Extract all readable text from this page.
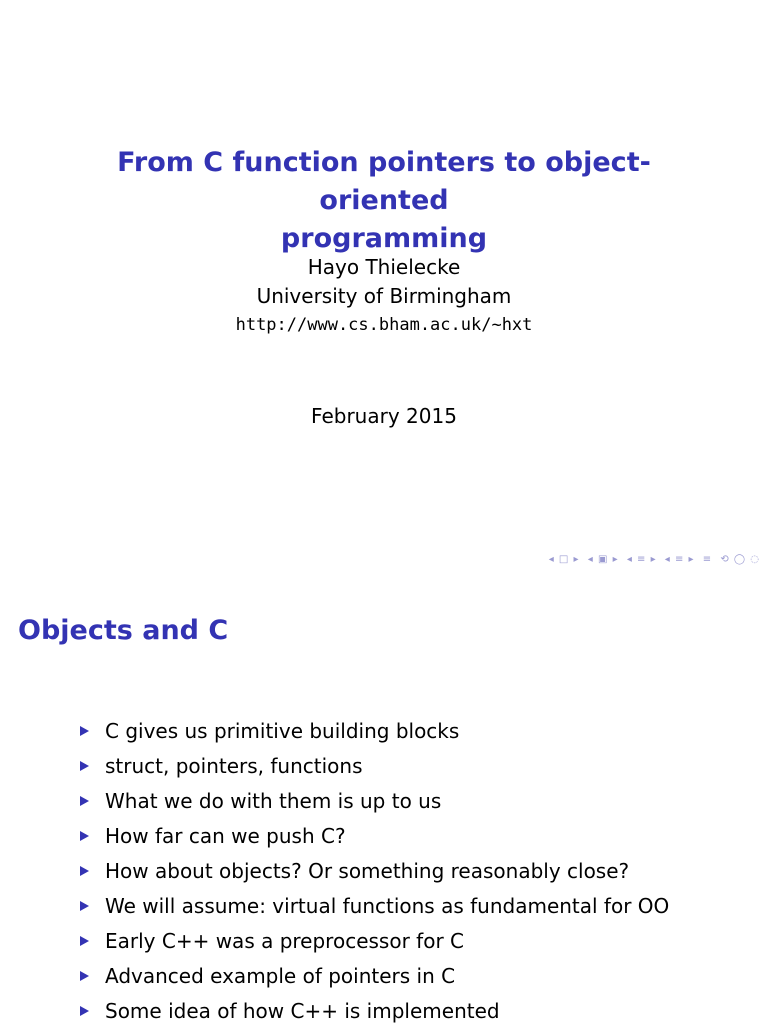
From C function pointers to object-oriented
programming
Hayo Thielecke
University of Birmingham
http://www.cs.bham.ac.uk/~hxt
February 2015
◂ □ ▸ ◂ ▣ ▸ ◂ ≡ ▸ ◂ ≡ ▸ ≡ ⟲ ◯ ◌
Objects and C
C gives us primitive building blocks
struct, pointers, functions
What we do with them is up to us
How far can we push C?
How about objects? Or something reasonably close?
We will assume: virtual functions as fundamental for OO
Early C++ was a preprocessor for C
Advanced example of pointers in C
Some idea of how C++ is implemented
